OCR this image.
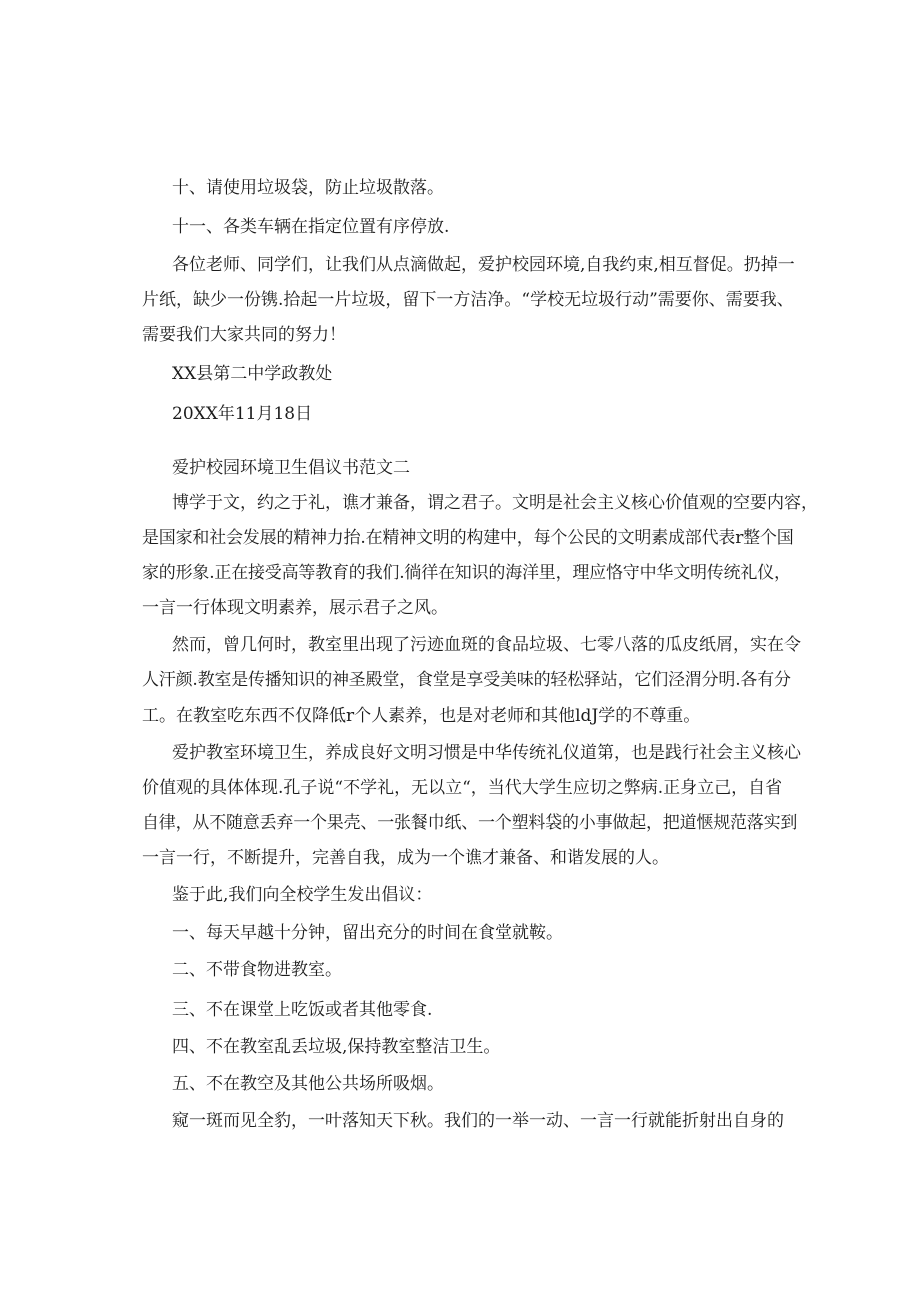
十、请使用垃圾袋，防止垃圾散落。
十一、各类车辆在指定位置有序停放.
各位老师、同学们，让我们从点滴做起，爱护校园环境,自我约束,相互督促。扔掉一
片纸，缺少一份镌.拾起一片垃圾，留下一方洁净。“学校无垃圾行动”需要你、需要我、
需要我们大家共同的努力！
XX县第二中学政教处
20XX年11月18日
爱护校园环境卫生倡议书范文二
博学于文，约之于礼，谯才兼备，谓之君子。文明是社会主义核心价值观的空要内容，
是国家和社会发展的精神力抬.在精神文明的构建中，每个公民的文明素成部代表r整个国
家的形象.正在接受高等教育的我们.徜徉在知识的海洋里，理应恪守中华文明传统礼仪，
一言一行体现文明素养，展示君子之风。
然而，曾几何时，教室里出现了污迹血斑的食品垃圾、七零八落的瓜皮纸屑，实在令
人汗颜.教室是传播知识的神圣殿堂，食堂是享受美味的轻松驿站，它们泾渭分明.各有分
工。在教室吃东西不仅降低r个人素养，也是对老师和其他ldJ学的不尊重。
爱护教室环境卫生，养成良好文明习惯是中华传统礼仪道第，也是践行社会主义核心
价值观的具体体现.孔子说“不学礼，无以立“，当代大学生应切之弊病.正身立己，自省
自律，从不随意丢弃一个果壳、一张餐巾纸、一个塑料袋的小事做起，把道惬规范落实到
一言一行，不断提升，完善自我，成为一个谯才兼备、和谐发展的人。
鉴于此,我们向全校学生发出倡议：
一、每天早越十分钟，留出充分的时间在食堂就鞍。
二、不带食物进教室。
三、不在课堂上吃饭或者其他零食.
四、不在教室乱丢垃圾,保持教室整洁卫生。
五、不在教空及其他公共场所吸烟。
窥一斑而见全豹，一叶落知天下秋。我们的一举一动、一言一行就能折射出自身的
